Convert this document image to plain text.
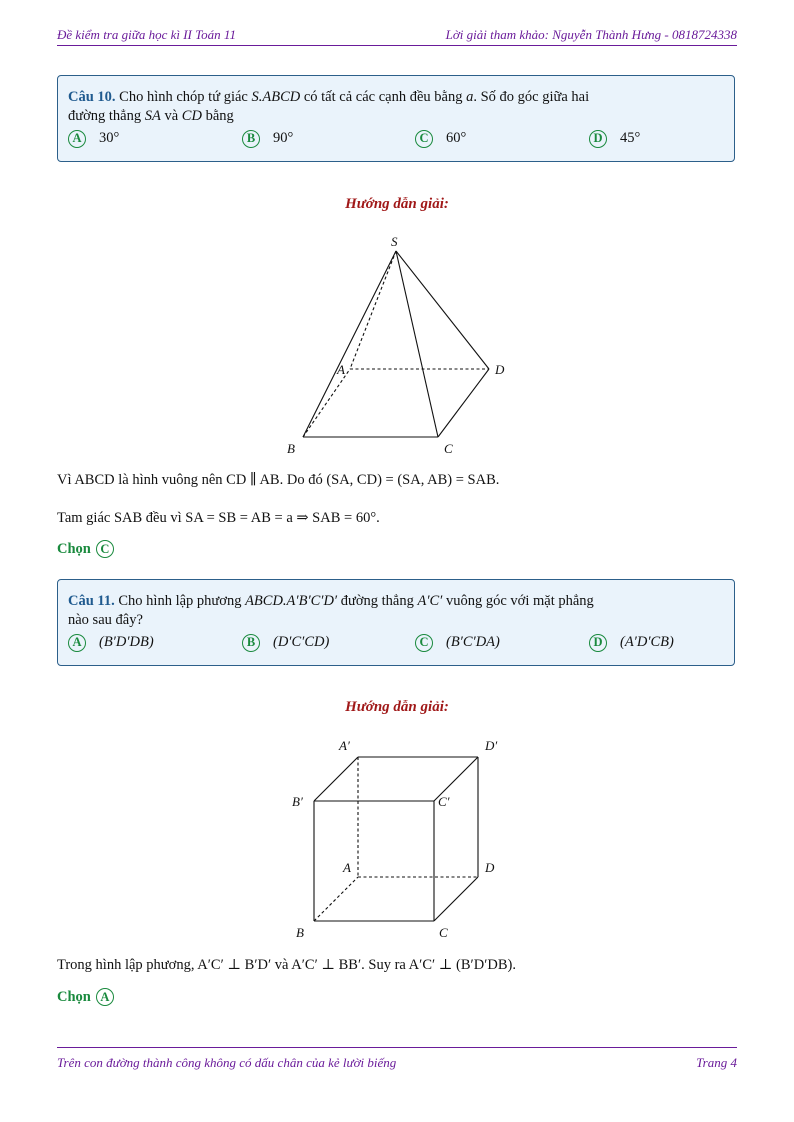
Đề kiểm tra giữa học kì II Toán 11	Lời giải tham khảo: Nguyễn Thành Hưng - 0818724338
Câu 10. Cho hình chóp tứ giác S.ABCD có tất cả các cạnh đều bằng a. Số đo góc giữa hai
đường thẳng SA và CD bằng
A	30°	B	90°	C	60°	D	45°
Hướng dẫn giải:
S
A
B	C
D
A′	D′
B′	C′
A	D
B	C
Vì ABCD là hình vuông nên CD ∥ AB. Do đó (SA, CD) = (SA, AB) = SAB.
Tam giác SAB đều vì SA = SB = AB = a ⇒ SAB = 60°.
Chọn C
Câu 11. Cho hình lập phương ABCD.A′B′C′D′ đường thẳng A′C′ vuông góc với mặt phẳng
nào sau đây?
A	(B′D′DB)	B	(D′C′CD)	C	(B′C′DA)	D	(A′D′CB)
Hướng dẫn giải:
Trong hình lập phương, A′C′ ⊥ B′D′ và A′C′ ⊥ BB′. Suy ra A′C′ ⊥ (B′D′DB).
Chọn A
Trên con đường thành công không có dấu chân của kẻ lười biếng	Trang 4
